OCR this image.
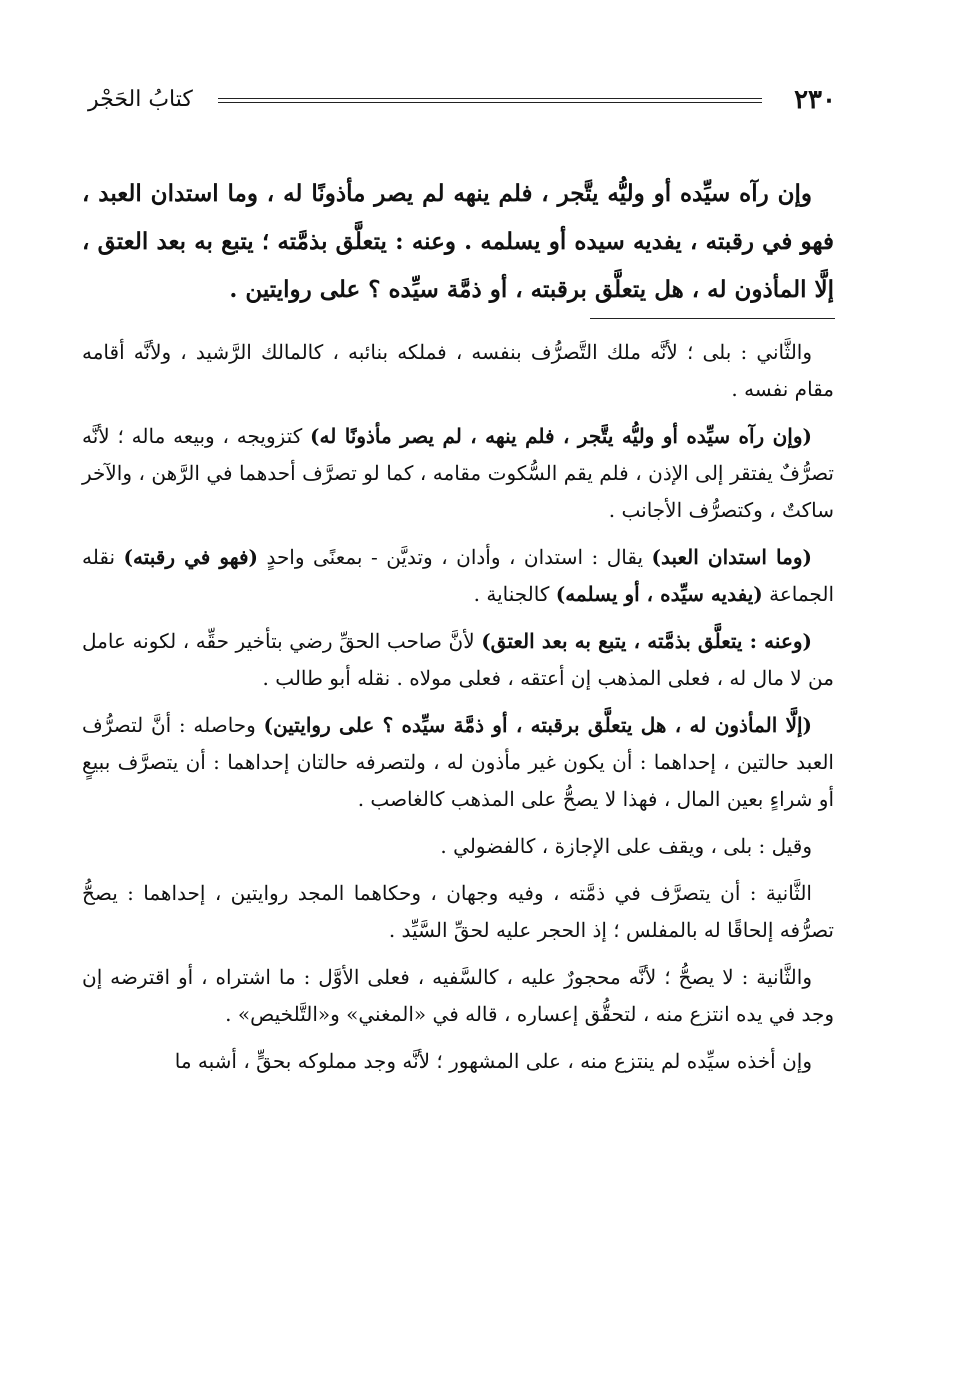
٢٣٠
كتابُ الحَجْر

وإن رآه سيِّده أو وليُّه يتَّجر ، فلم ينهه لم يصر مأذونًا له ، وما استدان العبد ، فهو في رقبته ، يفديه سيده أو يسلمه . وعنه : يتعلَّق بذمَّته ؛ يتبع به بعد العتق ، إلَّا المأذون له ، هل يتعلَّق برقبته ، أو ذمَّة سيِّده ؟ على روايتين .

والثَّاني : بلى ؛ لأنَّه ملك التَّصرُّف بنفسه ، فملكه بنائبه ، كالمالك الرَّشيد ، ولأنَّه أقامه مقام نفسه .

(وإن رآه سيِّده أو وليُّه يتَّجر ، فلم ينهه ، لم يصر مأذونًا له) كتزويجه ، وبيعه ماله ؛ لأنَّه تصرُّفٌ يفتقر إلى الإذن ، فلم يقم السُّكوت مقامه ، كما لو تصرَّف أحدهما في الرَّهن ، والآخر ساكتٌ ، وكتصرُّف الأجانب .

(وما استدان العبد) يقال : استدان ، وأدان ، وتديَّن - بمعنًى واحدٍ (فهو في رقبته) نقله الجماعة (يفديه سيِّده ، أو يسلمه) كالجناية .

(وعنه : يتعلَّق بذمَّته ، يتبع به بعد العتق) لأنَّ صاحب الحقِّ رضي بتأخير حقِّه ، لكونه عامل من لا مال له ، فعلى المذهب إن أعتقه ، فعلى مولاه . نقله أبو طالب .

(إلَّا المأذون له ، هل يتعلَّق برقبته ، أو ذمَّة سيِّده ؟ على روايتين) وحاصله : أنَّ لتصرُّف العبد حالتين ، إحداهما : أن يكون غير مأذون له ، ولتصرفه حالتان إحداهما : أن يتصرَّف ببيعٍ أو شراءٍ بعين المال ، فهذا لا يصحُّ على المذهب كالغاصب .

وقيل : بلى ، ويقف على الإجازة ، كالفضولي .

الثَّانية : أن يتصرَّف في ذمَّته ، وفيه وجهان ، وحكاهما المجد روايتين ، إحداهما : يصحُّ تصرُّفه إلحاقًا له بالمفلس ؛ إذ الحجر عليه لحقِّ السَّيِّد .

والثَّانية : لا يصحُّ ؛ لأنَّه محجورٌ عليه ، كالسَّفيه ، فعلى الأوَّل : ما اشتراه ، أو اقترضه إن وجد في يده انتزع منه ، لتحقُّق إعساره ، قاله في «المغني» و«التَّلخيص» .

وإن أخذه سيِّده لم ينتزع منه ، على المشهور ؛ لأنَّه وجد مملوكه بحقٍّ ، أشبه ما
